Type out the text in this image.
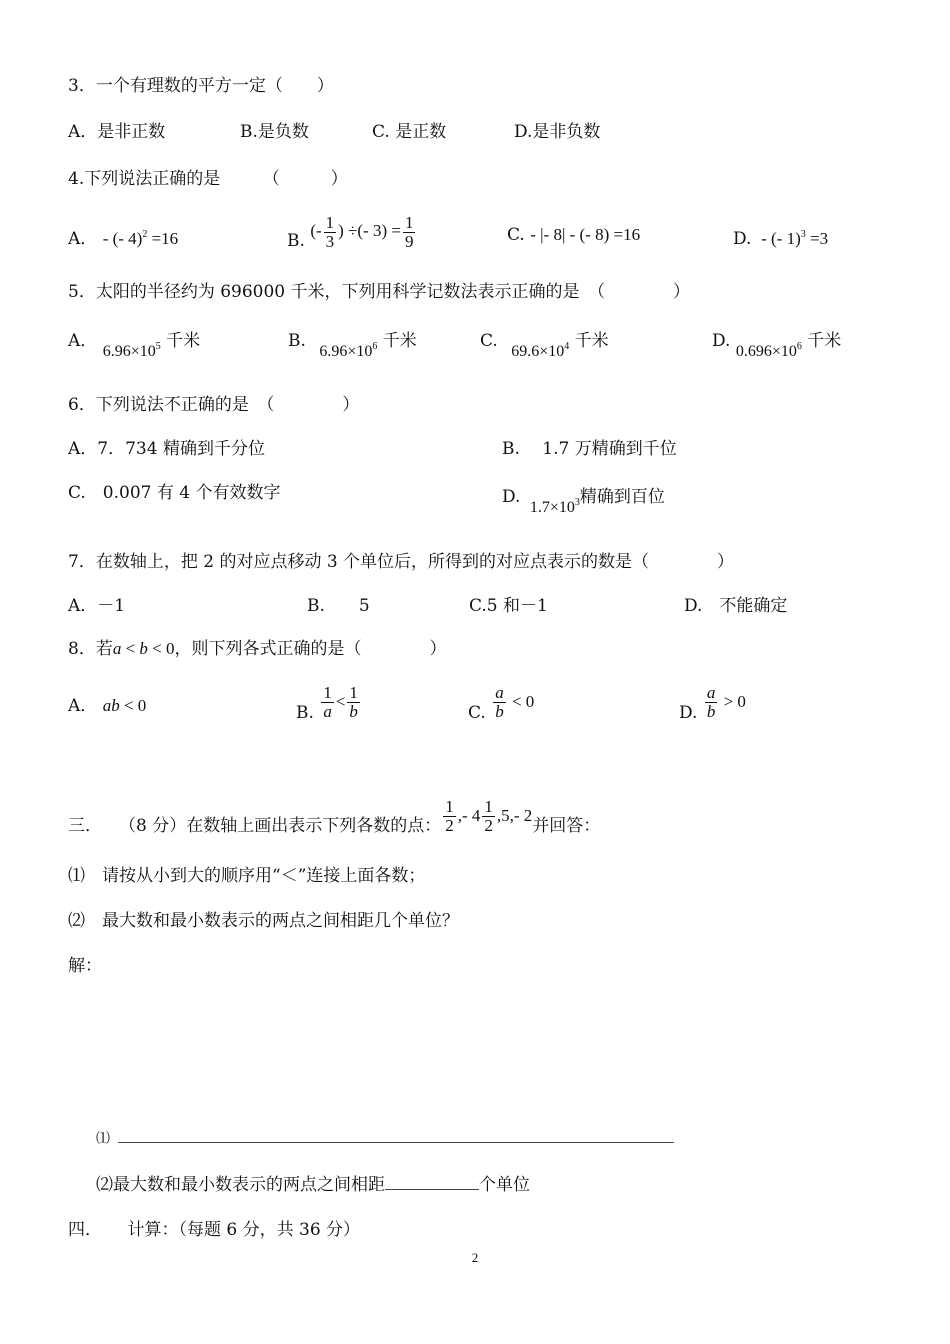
3．一个有理数的平方一定（　　）
A．是非正数	B.是负数	C. 是正数	D.是非负数
4.下列说法正确的是　　　（　　　）
A． - (- 4)$^2$ =16	B. (- $\frac{1}{3}$ ) ÷(- $3) = \frac{1}{9}$	C. - |- 8| - (- 8) =16	D.  - (- 1)$^3$ =3
5．太阳的半径约为 696000 千米，下列用科学记数法表示正确的是　（　　　　）
A． $6.96\times 10^5$ 千米	B.   $6.96\times 10^6$ 千米	C.   $69.6\times 10^4$ 千米	D. $0.696\times 10^6$ 千米
6．下列说法不正确的是　（　　　　）
A．7．734 精确到千分位	B.　 1.7 万精确到千位
C.　0.007 有 4 个有效数字	D.  $1.7\times 10^3$精确到百位
7．在数轴上，把 2 的对应点移动 3 个单位后，所得到的对应点表示的数是（　　　　）
A．－1	B.　　5	C.5 和－1	D.　不能确定
8．若a < b < 0，则下列各式正确的是（　　　　）
A． ab < 0	B. $\frac{1}{a} < \frac{1}{b}$	C. $\frac{a}{b} < 0$
D. $\frac{a}{b} > 0$
三．　　（8 分）在数轴上画出表示下列各数的点： $\frac{1}{2}$ ,- $4 \frac{1}{2} ,5,-$ 2并回答：
⑴　请按从小到大的顺序用“＜”连接上面各数；
⑵　最大数和最小数表示的两点之间相距几个单位？
解：
⑴
⑵最大数和最小数表示的两点之间相距	个单位
四．　　计算：（每题 6 分，共 36 分）
2
